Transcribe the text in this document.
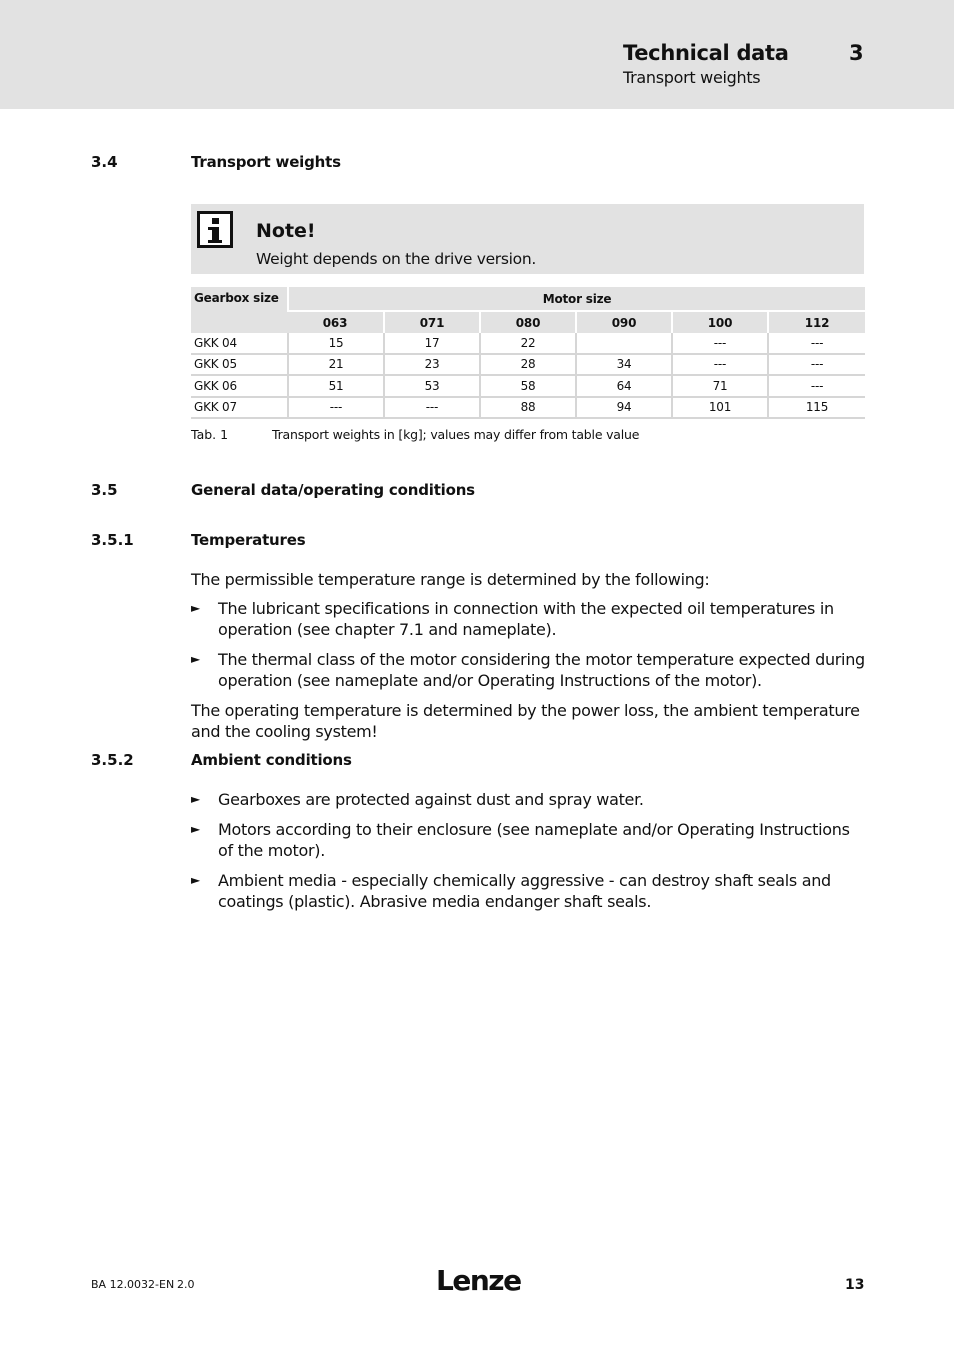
Technical data	3
Transport weights
3.4	Transport weights
Note!
Weight depends on the drive version.
Gearbox size	Motor size					
	063	071	080	090	100	112
GKK 04	15	17	22		---	---
GKK 05	21	23	28	34	---	---
GKK 06	51	53	58	64	71	---
GKK 07	---	---	88	94	101	115
Tab. 1	Transport weights in [kg]; values may differ from table value
3.5	General data/operating conditions
3.5.1	Temperatures
The permissible temperature range is determined by the following:
► The lubricant specifications in connection with the expected oil temperatures in operation (see chapter 7.1 and nameplate).
► The thermal class of the motor considering the motor temperature expected during operation (see nameplate and/or Operating Instructions of the motor).
The operating temperature is determined by the power loss, the ambient temperature and the cooling system!
3.5.2	Ambient conditions
► Gearboxes are protected against dust and spray water.
► Motors according to their enclosure (see nameplate and/or Operating Instructions of the motor).
► Ambient media - especially chemically aggressive - can destroy shaft seals and coatings (plastic). Abrasive media endanger shaft seals.
BA 12.0032-EN 2.0	Lenze	13
